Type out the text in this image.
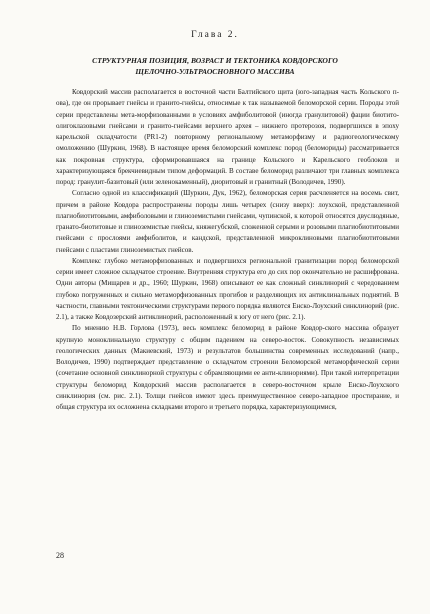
Глава 2.
СТРУКТУРНАЯ ПОЗИЦИЯ, ВОЗРАСТ И ТЕКТОНИКА КОВДОРСКОГО
ЩЕЛОЧНО-УЛЬТРАОСНОВНОГО МАССИВА

Ковдорский массив располагается в восточной части Балтийского щита (юго-западная часть Кольского п-ова), где он прорывает гнейсы и гранито-гнейсы, относимые к так называемой беломорской серии. Породы этой серии представлены мета-морфизованными в условиях амфиболитовой (иногда гранулитовой) фации биотито-олигоклазовыми гнейсами и гранито-гнейсами верхнего архея – нижнего протерозоя, подвергшихся в эпоху карельской складчатости (PR1-2) повторному региональному метаморфизму и радиогеологическому омоложению (Шуркин, 1968). В настоящее время беломорский комплекс пород (беломориды) рассматривается как покровная структура, сформировавшаяся на границе Кольского и Карельского геоблоков и характеризующаяся брекчиевидным типом деформаций. В составе беломорид различают три главных комплекса пород: гранулит-базитовый (или зеленокаменный), диоритовый и гранитный (Володичев, 1990).

Согласно одной из классификаций (Шуркин, Дук, 1962), беломорская серия расчленяется на восемь свит, причем в районе Ковдора распространены породы лишь четырех (снизу вверх): лоухской, представленной плагиобиотитовыми, амфиболовыми и глиноземистыми гнейсами, чупинской, к которой относятся двуслюдяные, гранато-биотитовые и глиноземистые гнейсы, княжегубской, сложенной серыми и розовыми плагиобиотитовыми гнейсами с прослоями амфиболитов, и кандской, представленной микроклиновыми плагиобиотитовыми гнейсами с пластами глиноземистых гнейсов.

Комплекс глубоко метаморфизованных и подвергшихся региональной гранитизации пород беломорской серии имеет сложное складчатое строение. Внутренняя структура его до сих пор окончательно не расшифрована. Одни авторы (Мищарев и др., 1960; Шуркин, 1968) описывают ее как сложный синклинорий с чередованием глубоко погруженных и сильно метаморфизованных прогибов и разделяющих их антиклинальных поднятий. В частности, главными тектоническими структурами первого порядка являются Енско-Лоухский синклинорий (рис. 2.1), а также Ковдозерский антиклинорий, расположенный к югу от него (рис. 2.1).

По мнению Н.В. Горлова (1973), весь комплекс беломорид в районе Ковдор-ского массива образует крупную моноклинальную структуру с общим падением на северо-восток. Совокупность независимых геологических данных (Макиевский, 1973) и результатов большинства современных исследований (напр., Володичев, 1990) подтверждает представление о складчатом строении Беломорской метаморфической серии (сочетание основной синклинорной структуры с обрамляющими ее анти-клинориями). При такой интерпретации структуры беломорид Ковдорский массив располагается в северо-восточном крыле Енско-Лоухского синклинория (см. рис. 2.1). Толщи гнейсов имеют здесь преимущественное северо-западное простирание, и общая структура их осложнена складками второго и третьего порядка, характеризующимися,

28
